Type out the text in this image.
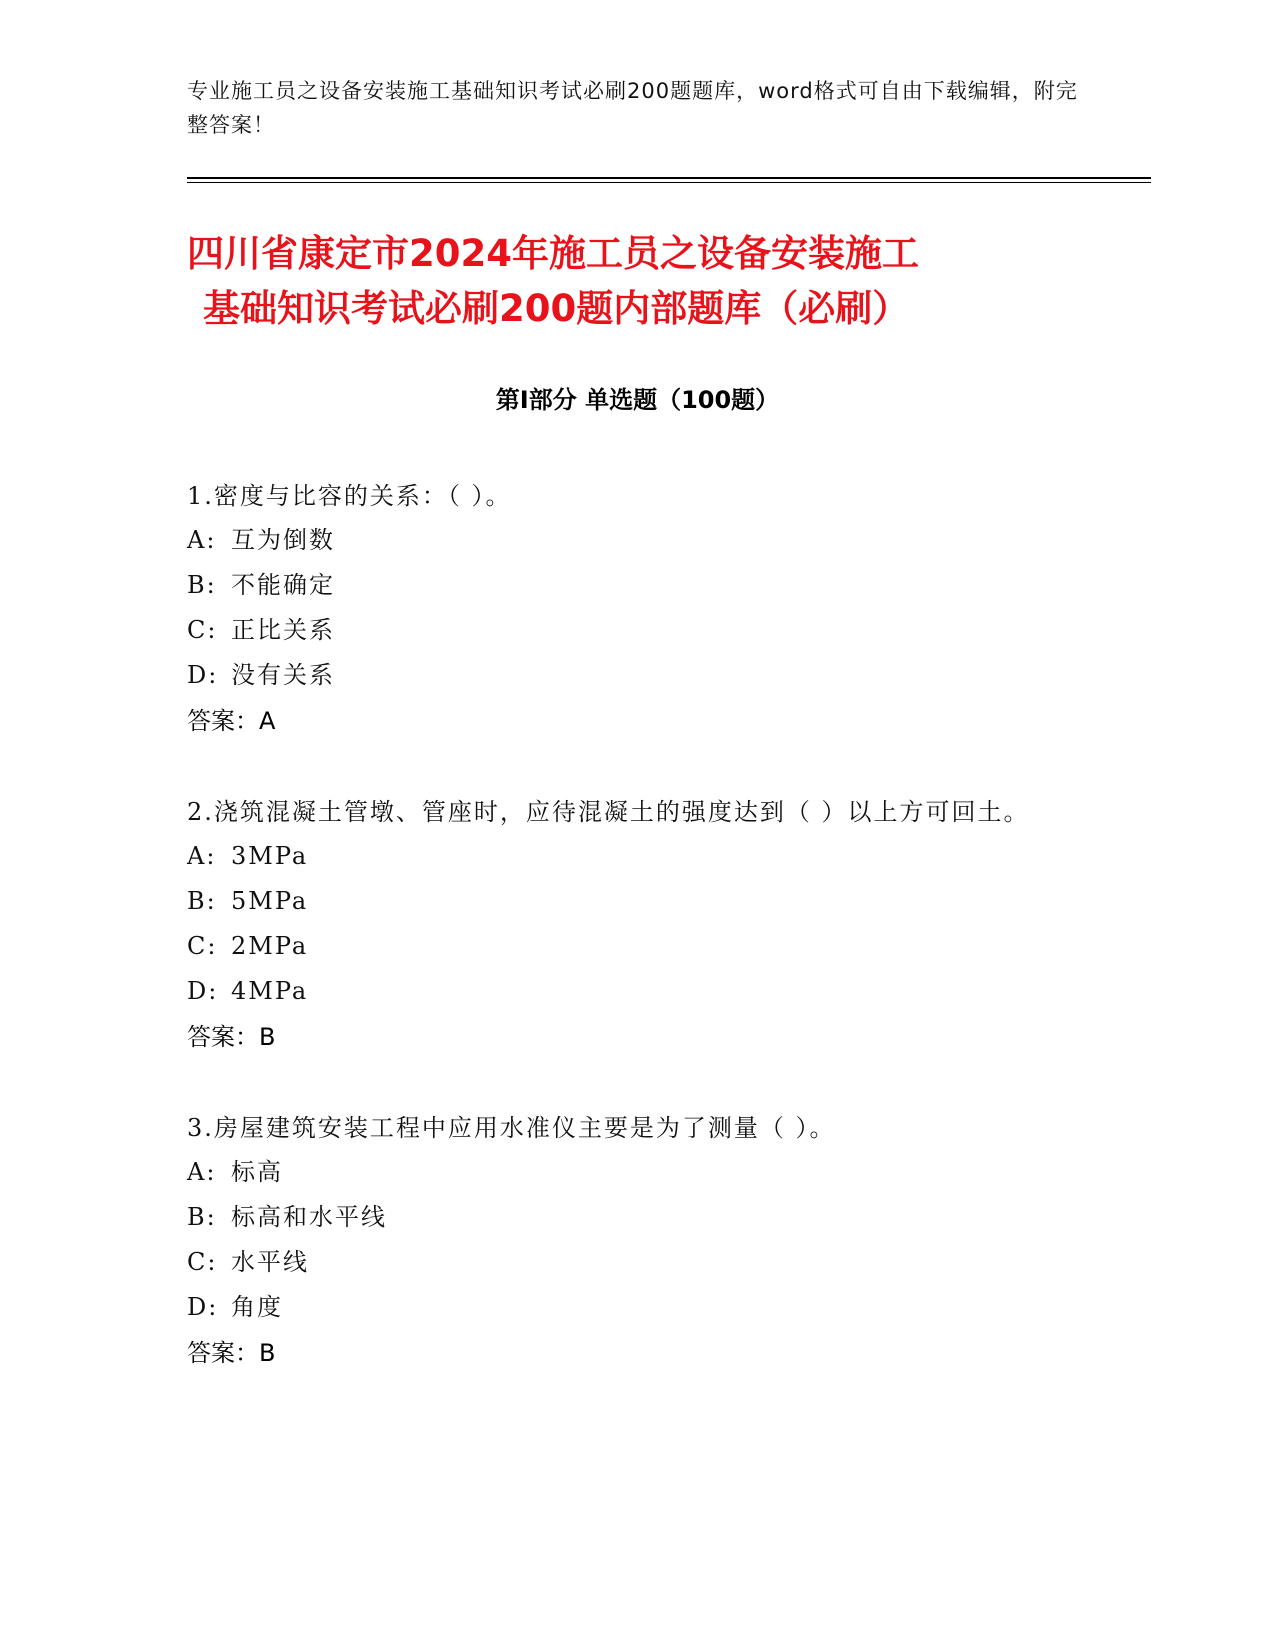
专业施工员之设备安装施工基础知识考试必刷200题题库，word格式可自由下载编辑，附完整答案！
四川省康定市2024年施工员之设备安装施工
基础知识考试必刷200题内部题库（必刷）
第Ⅰ部分 单选题（100题）
1.密度与比容的关系：（ ）。
A: 互为倒数
B: 不能确定
C: 正比关系
D: 没有关系
答案：A
2.浇筑混凝土管墩、管座时，应待混凝土的强度达到（ ）以上方可回土。
A: 3MPa
B: 5MPa
C: 2MPa
D: 4MPa
答案：B
3.房屋建筑安装工程中应用水准仪主要是为了测量（ ）。
A: 标高
B: 标高和水平线
C: 水平线
D: 角度
答案：B
